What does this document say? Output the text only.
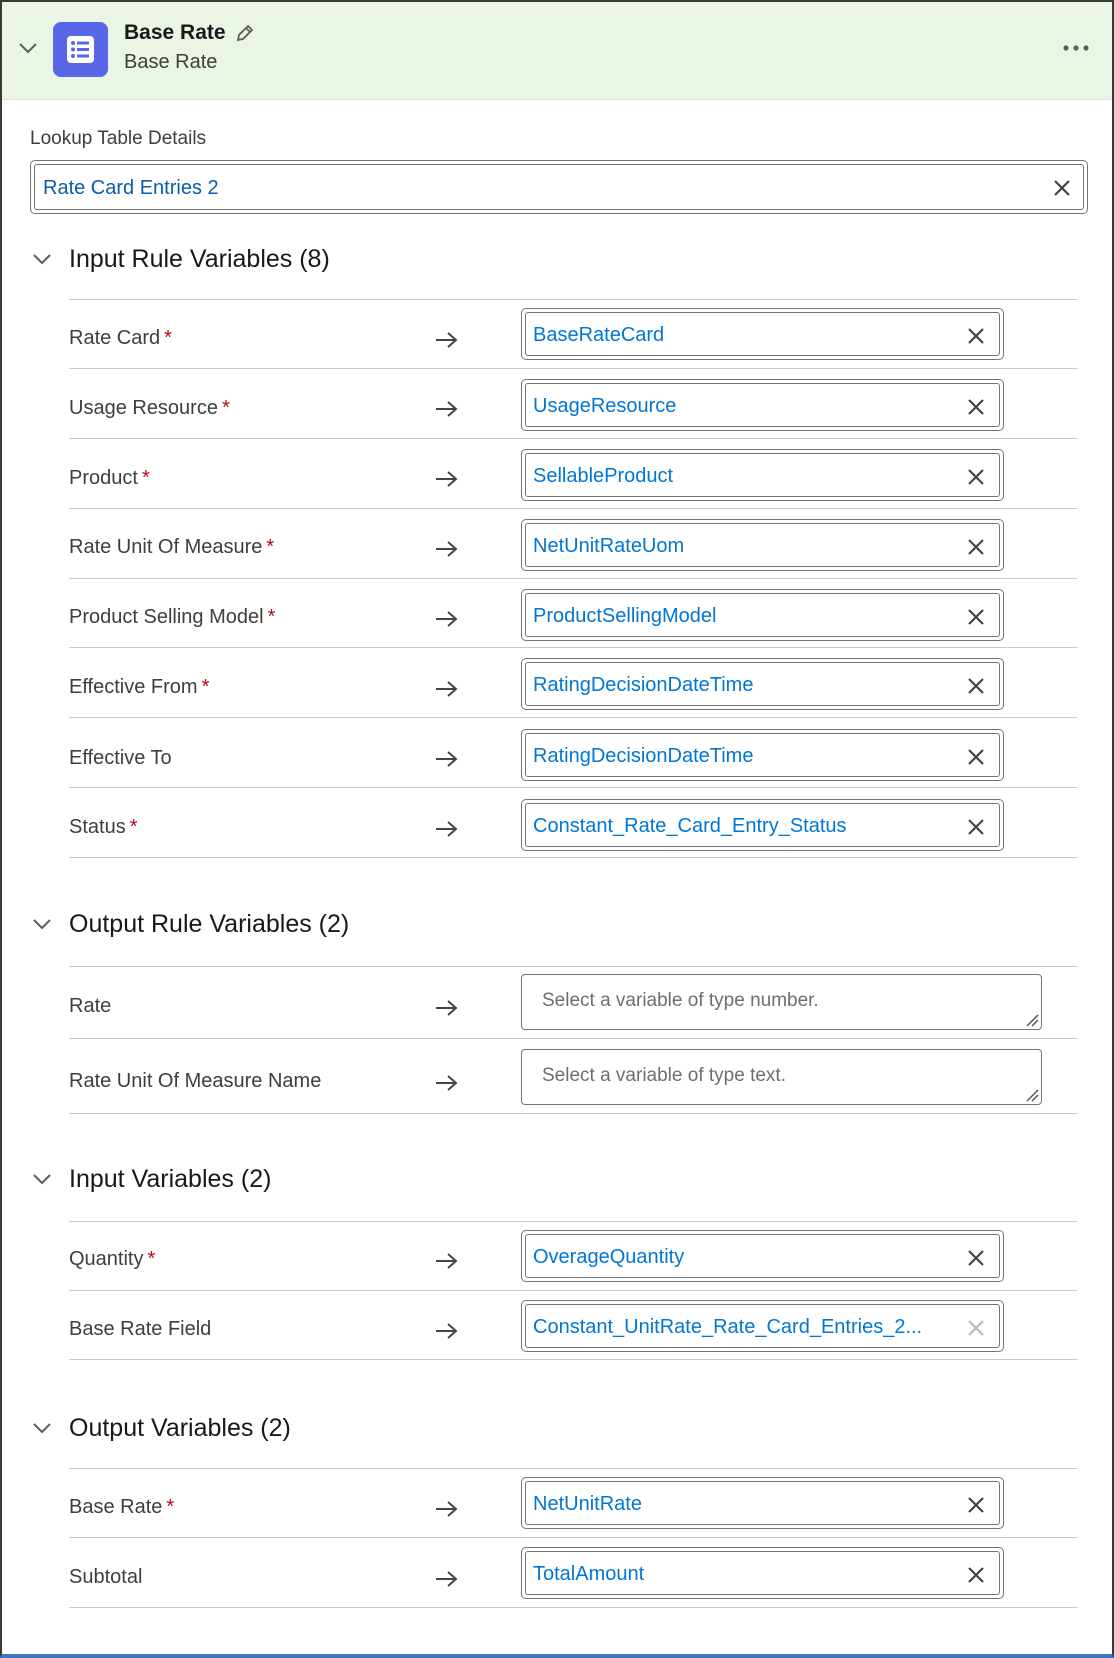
Base Rate
Base Rate
Lookup Table Details
Rate Card Entries 2
Input Rule Variables (8)
Rate Card *	BaseRateCard
Usage Resource *	UsageResource
Product *	SellableProduct
Rate Unit Of Measure *	NetUnitRateUom
Product Selling Model *	ProductSellingModel
Effective From *	RatingDecisionDateTime
Effective To	RatingDecisionDateTime
Status *	Constant_Rate_Card_Entry_Status
Output Rule Variables (2)
Rate	Select a variable of type number.
Rate Unit Of Measure Name	Select a variable of type text.
Input Variables (2)
Quantity *	OverageQuantity
Base Rate Field	Constant_UnitRate_Rate_Card_Entries_2...
Output Variables (2)
Base Rate *	NetUnitRate
Subtotal	TotalAmount
